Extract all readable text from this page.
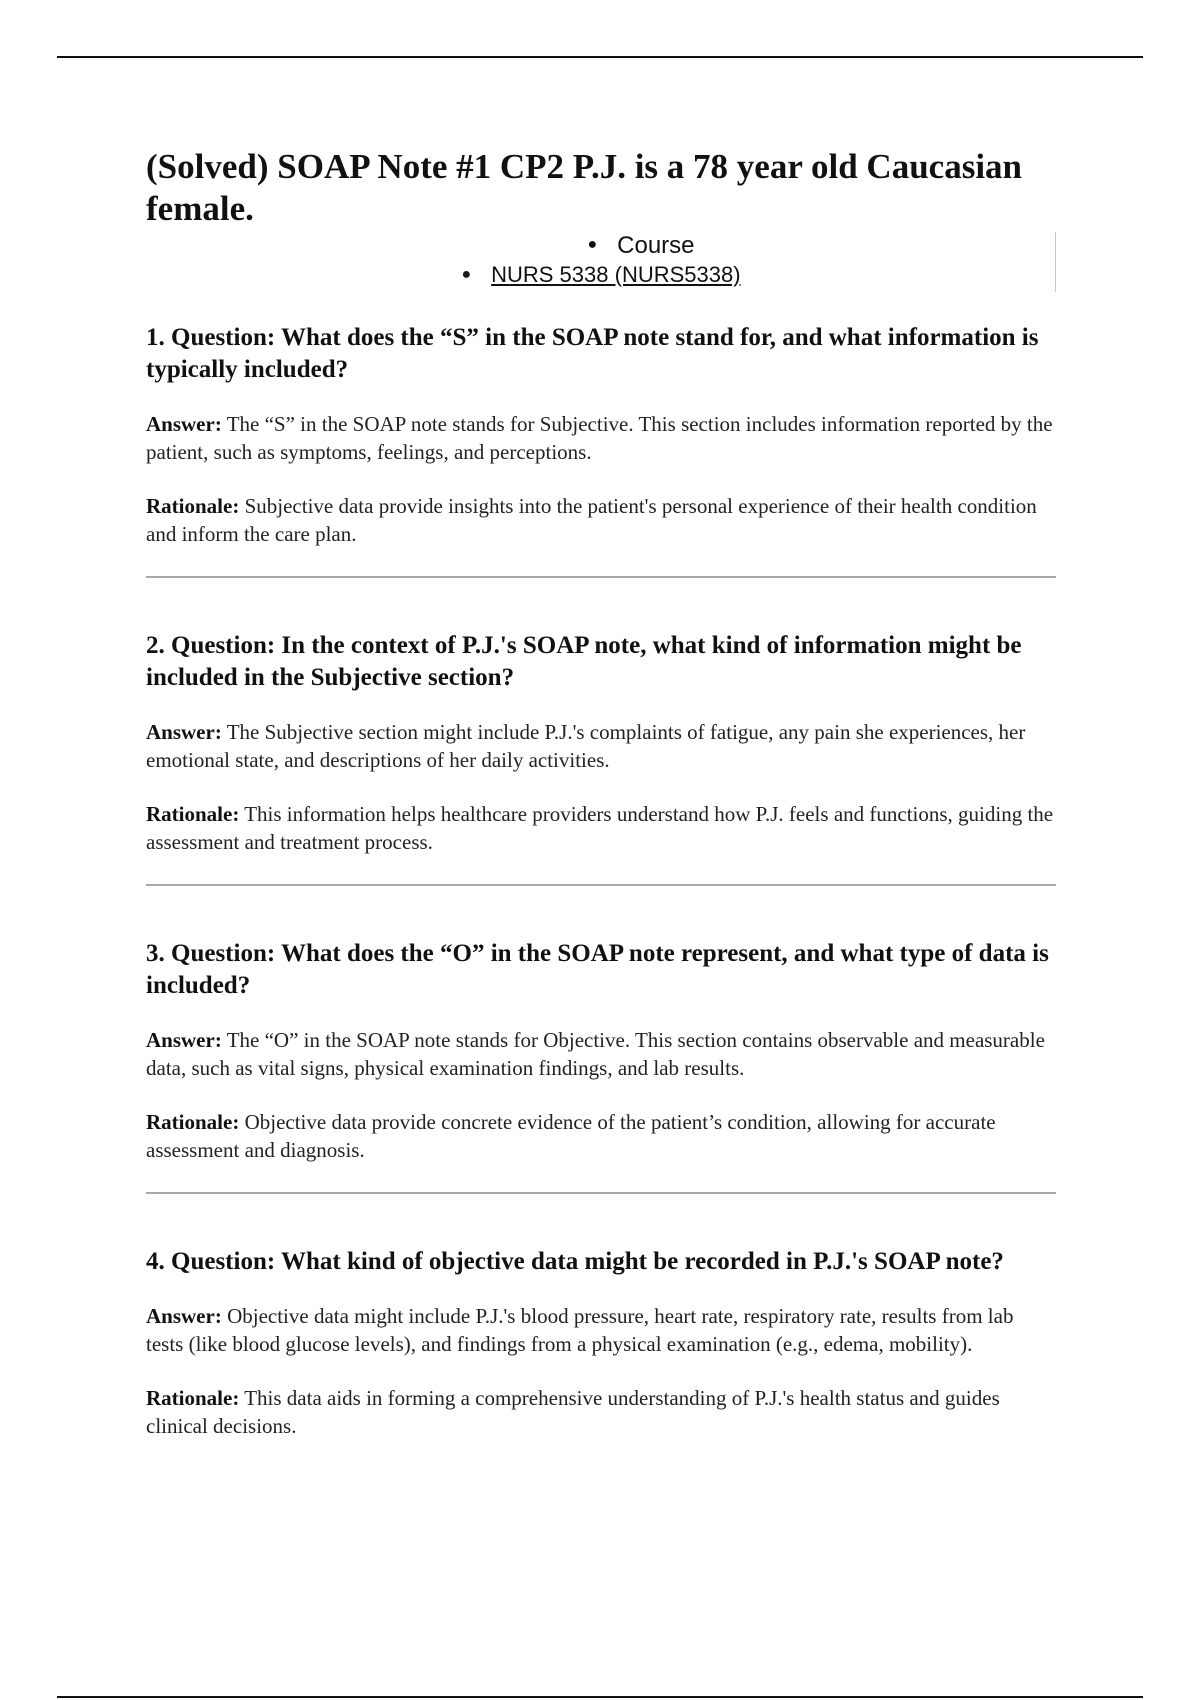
(Solved) SOAP Note #1 CP2 P.J. is a 78 year old Caucasian female.
● Course
● NURS 5338 (NURS5338)
1. Question: What does the “S” in the SOAP note stand for, and what information is typically included?

Answer: The “S” in the SOAP note stands for Subjective. This section includes information reported by the patient, such as symptoms, feelings, and perceptions.

Rationale: Subjective data provide insights into the patient's personal experience of their health condition and inform the care plan.

2. Question: In the context of P.J.'s SOAP note, what kind of information might be included in the Subjective section?

Answer: The Subjective section might include P.J.'s complaints of fatigue, any pain she experiences, her emotional state, and descriptions of her daily activities.

Rationale: This information helps healthcare providers understand how P.J. feels and functions, guiding the assessment and treatment process.

3. Question: What does the “O” in the SOAP note represent, and what type of data is included?

Answer: The “O” in the SOAP note stands for Objective. This section contains observable and measurable data, such as vital signs, physical examination findings, and lab results.

Rationale: Objective data provide concrete evidence of the patient’s condition, allowing for accurate assessment and diagnosis.

4. Question: What kind of objective data might be recorded in P.J.'s SOAP note?

Answer: Objective data might include P.J.'s blood pressure, heart rate, respiratory rate, results from lab tests (like blood glucose levels), and findings from a physical examination (e.g., edema, mobility).

Rationale: This data aids in forming a comprehensive understanding of P.J.'s health status and guides clinical decisions.
